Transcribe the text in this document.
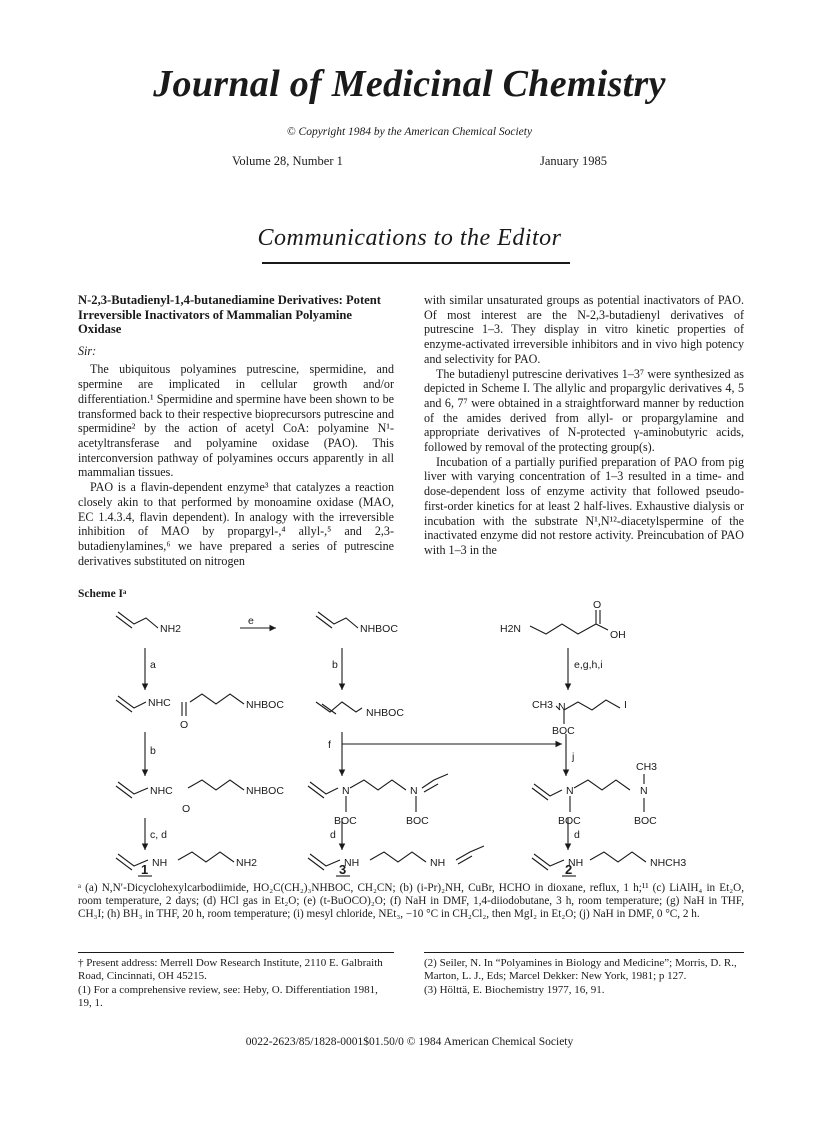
Journal of Medicinal Chemistry
© Copyright 1984 by the American Chemical Society
Volume 28, Number 1	January 1985
Communications to the Editor
N-2,3-Butadienyl-1,4-butanediamine Derivatives: Potent Irreversible Inactivators of Mammalian Polyamine Oxidase
Sir:

The ubiquitous polyamines putrescine, spermidine, and spermine are implicated in cellular growth and/or differentiation.¹ Spermidine and spermine have been shown to be transformed back to their respective bioprecursors putrescine and spermidine² by the action of acetyl CoA: polyamine N¹-acetyltransferase and polyamine oxidase (PAO). This interconversion pathway of polyamines occurs apparently in all mammalian tissues.

PAO is a flavin-dependent enzyme³ that catalyzes a reaction closely akin to that performed by monoamine oxidase (MAO, EC 1.4.3.4, flavin dependent). In analogy with the irreversible inhibition of MAO by propargyl-,⁴ allyl-,⁵ and 2,3-butadienylamines,⁶ we have prepared a series of putrescine derivatives substituted on nitrogen

with similar unsaturated groups as potential inactivators of PAO. Of most interest are the N-2,3-butadienyl derivatives of putrescine 1–3. They display in vitro kinetic properties of enzyme-activated irreversible inhibitors and in vivo high potency and selectivity for PAO.

The butadienyl putrescine derivatives 1–3⁷ were synthesized as depicted in Scheme I. The allylic and propargylic derivatives 4, 5 and 6, 7⁷ were obtained in a straightforward manner by reduction of the amides derived from allyl- or propargylamine and appropriate derivatives of N-protected γ-aminobutyric acids, followed by removal of the protecting group(s).

Incubation of a partially purified preparation of PAO from pig liver with varying concentration of 1–3 resulted in a time- and dose-dependent loss of enzyme activity that followed pseudo-first-order kinetics for at least 2 half-lives. Exhaustive dialysis or incubation with the substrate N¹,N¹²-diacetylspermine of the inactivated enzyme did not restore activity. Preincubation of PAO with 1–3 in the

Scheme Iᵃ
NH2
e
NHBOC	H2N
O
OH
a	b	e,g,h,i
NHC
O
NHBOC
NHBOC
CH3 N
BOC
I
b	f
j
NHC
O
NHBOC	N
BOC
N
BOC
N
BOC
CH3
N
BOC
c, d	d	d
NH	NH2	NH	NH	NH	NHCH3
1	3	2
ᵃ (a) N,N′-Dicyclohexylcarbodiimide, HO₂C(CH₂)₃NHBOC, CH₂CN; (b) (i-Pr)₂NH, CuBr, HCHO in dioxane, reflux, 1 h;¹¹ (c) LiAlH₄ in Et₂O, room temperature, 2 days; (d) HCl gas in Et₂O; (e) (t-BuOCO)₂O; (f) NaH in DMF, 1,4-diiodobutane, 3 h, room temperature; (g) NaH in THF, CH₃I; (h) BH₃ in THF, 20 h, room temperature; (i) mesyl chloride, NEt₃, −10 °C in CH₂Cl₂, then MgI₂ in Et₂O; (j) NaH in DMF, 0 °C, 2 h.

† Present address: Merrell Dow Research Institute, 2110 E. Galbraith Road, Cincinnati, OH 45215.

(1) For a comprehensive review, see: Heby, O. Differentiation 1981, 19, 1.

(2) Seiler, N. In “Polyamines in Biology and Medicine”; Morris, D. R., Marton, L. J., Eds; Marcel Dekker: New York, 1981; p 127.

(3) Hölttä, E. Biochemistry 1977, 16, 91.

0022-2623/85/1828-0001$01.50/0 © 1984 American Chemical Society
